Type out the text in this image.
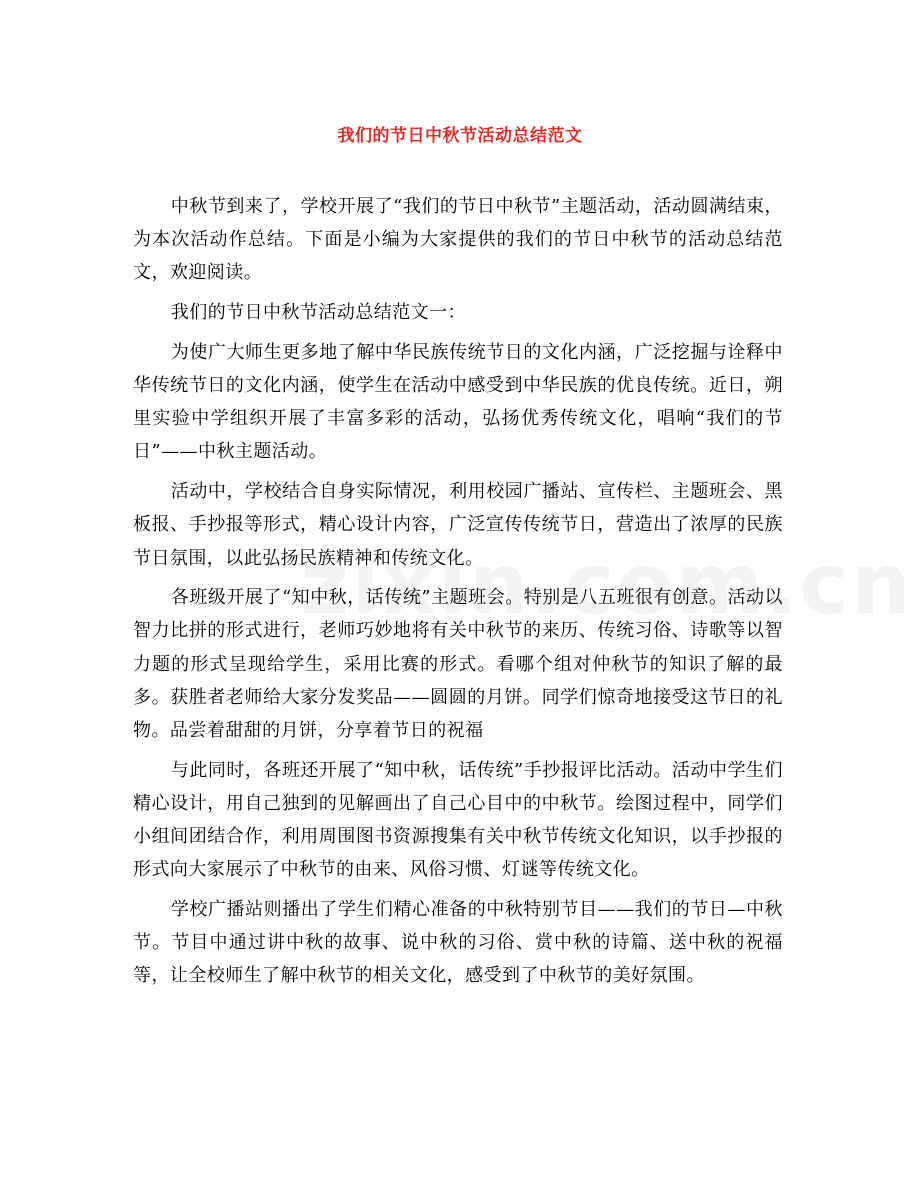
我们的节日中秋节活动总结范文

中秋节到来了，学校开展了“我们的节日中秋节”主题活动，活动圆满结束，为本次活动作总结。下面是小编为大家提供的我们的节日中秋节的活动总结范文，欢迎阅读。

我们的节日中秋节活动总结范文一：

为使广大师生更多地了解中华民族传统节日的文化内涵，广泛挖掘与诠释中华传统节日的文化内涵，使学生在活动中感受到中华民族的优良传统。近日，朔里实验中学组织开展了丰富多彩的活动，弘扬优秀传统文化，唱响“我们的节日”——中秋主题活动。

活动中，学校结合自身实际情况，利用校园广播站、宣传栏、主题班会、黑板报、手抄报等形式，精心设计内容，广泛宣传传统节日，营造出了浓厚的民族节日氛围，以此弘扬民族精神和传统文化。

各班级开展了“知中秋，话传统”主题班会。特别是八五班很有创意。活动以智力比拼的形式进行，老师巧妙地将有关中秋节的来历、传统习俗、诗歌等以智力题的形式呈现给学生，采用比赛的形式。看哪个组对仲秋节的知识了解的最多。获胜者老师给大家分发奖品——圆圆的月饼。同学们惊奇地接受这节日的礼物。品尝着甜甜的月饼，分享着节日的祝福

与此同时，各班还开展了“知中秋，话传统”手抄报评比活动。活动中学生们精心设计，用自己独到的见解画出了自己心目中的中秋节。绘图过程中，同学们小组间团结合作，利用周围图书资源搜集有关中秋节传统文化知识，以手抄报的形式向大家展示了中秋节的由来、风俗习惯、灯谜等传统文化。

学校广播站则播出了学生们精心准备的中秋特别节目——我们的节日—中秋节。节目中通过讲中秋的故事、说中秋的习俗、赏中秋的诗篇、送中秋的祝福等，让全校师生了解中秋节的相关文化，感受到了中秋节的美好氛围。
